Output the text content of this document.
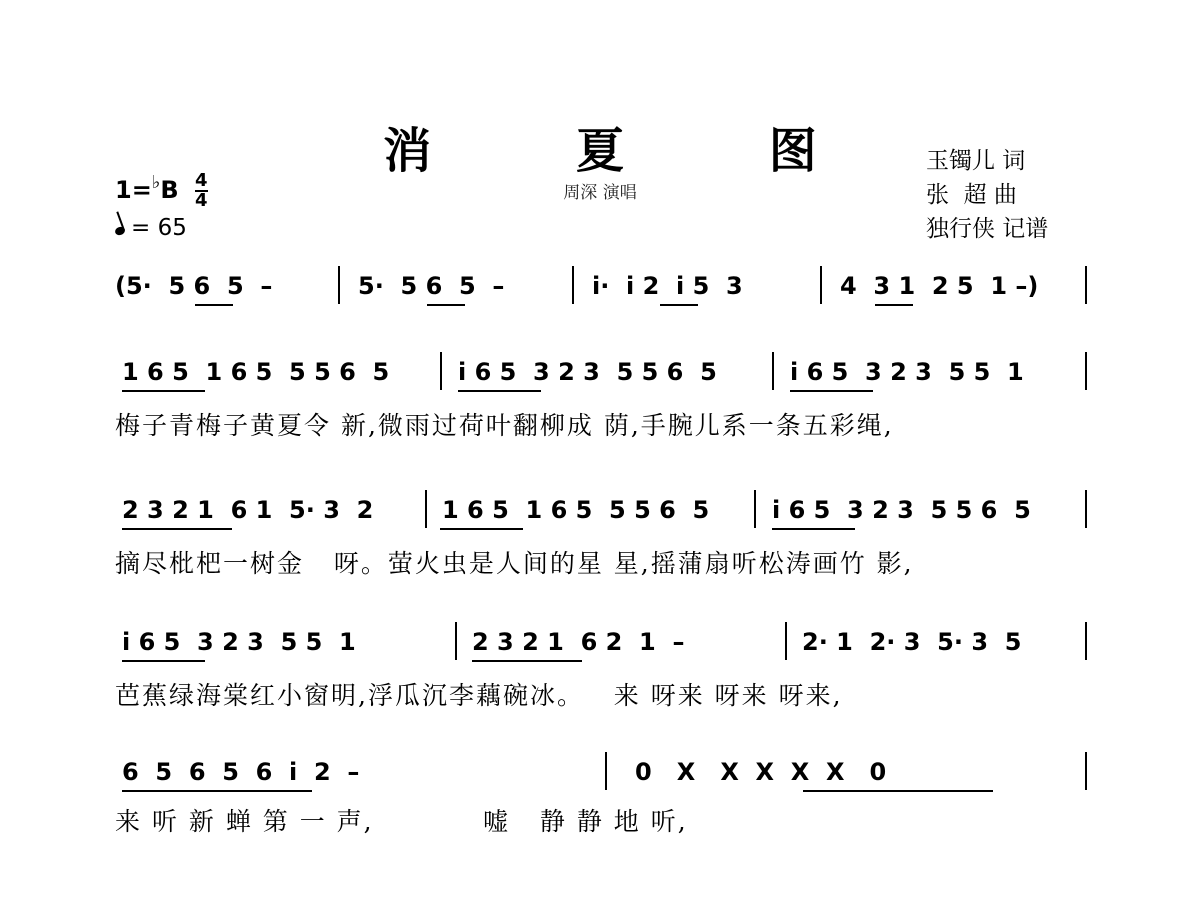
消 夏 图
周深 演唱
玉镯儿 词
张  超 曲
独行侠 记谱
$1=^♭B \frac{4}{4}$
= 65

(5·  5 6  5  –

	5·  5 6  5  –

	i·  i 2  i 5  3

	4  3 1  2 5  1 –)

1 6 5  1 6 5  5 5 6  5

	i 6 5  3 2 3  5 5 6  5

	i 6 5  3 2 3  5 5  1

梅子青梅子黄夏令 新,微雨过荷叶翻柳成 荫,手腕儿系一条五彩绳,

2 3 2 1  6 1  5· 3  2

	1 6 5  1 6 5  5 5 6  5

	i 6 5  3 2 3  5 5 6  5

摘尽枇杷一树金   呀。萤火虫是人间的星 星,摇蒲扇听松涛画竹 影,

i 6 5  3 2 3  5 5  1

	2 3 2 1  6 2  1  –

	2· 1  2· 3  5· 3  5

芭蕉绿海棠红小窗明,浮瓜沉李藕碗冰。   来 呀来 呀来 呀来,

6  5  6  5  6  i  2  –

	0   X   X  X  X  X   0

来 听 新 蝉 第 一 声,           嘘   静 静 地 听,
